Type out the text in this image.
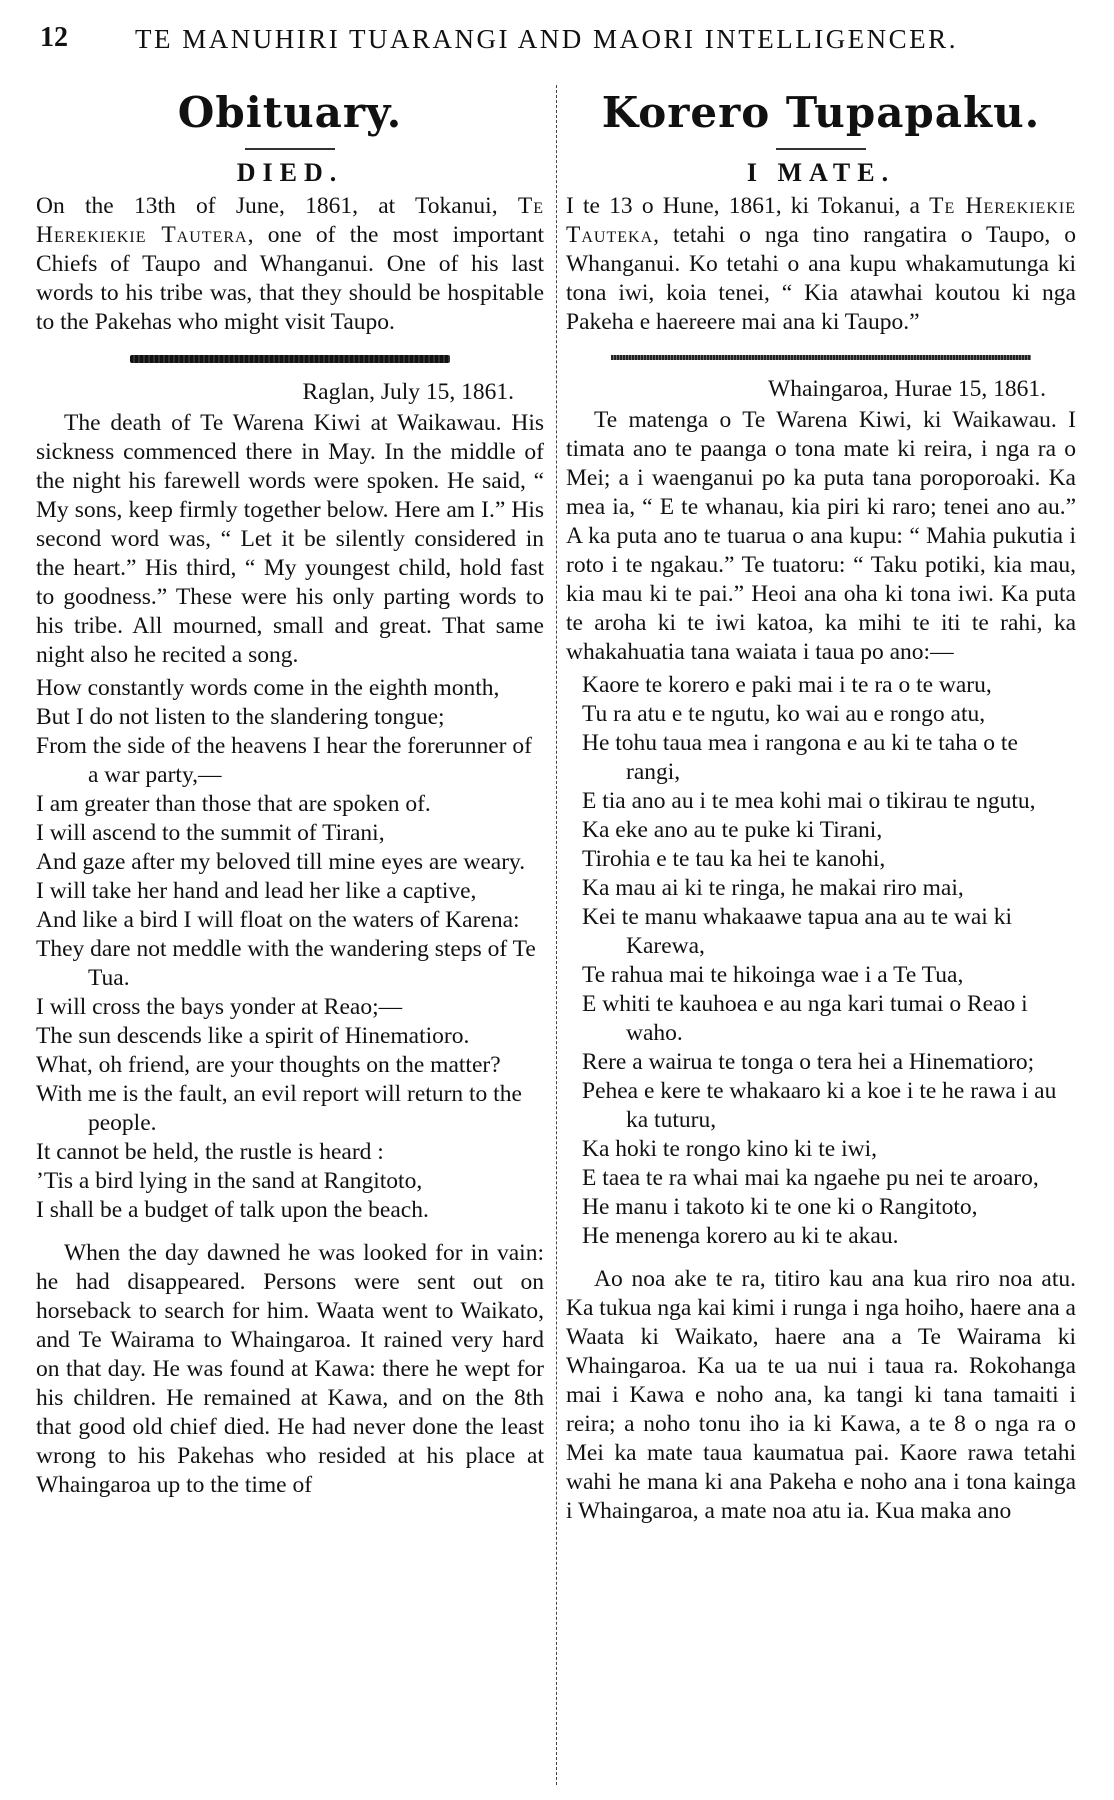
12 TE MANUHIRI TUARANGI AND MAORI INTELLIGENCER.
Obituary.
DIED.

On the 13th of June, 1861, at Tokanui, Te Herekiekie Tautera, one of the most important Chiefs of Taupo and Whanganui. One of his last words to his tribe was, that they should be hospitable to the Pakehas who might visit Taupo.

Raglan, July 15, 1861.

The death of Te Warena Kiwi at Waikawau. His sickness commenced there in May. In the middle of the night his farewell words were spoken. He said, “ My sons, keep firmly together below. Here am I.” His second word was, “ Let it be silently considered in the heart.” His third, “ My youngest child, hold fast to goodness.” These were his only parting words to his tribe. All mourned, small and great. That same night also he recited a song.

How constantly words come in the eighth month,

But I do not listen to the slandering tongue;

From the side of the heavens I hear the forerunner of a war party,—

I am greater than those that are spoken of.

I will ascend to the summit of Tirani,

And gaze after my beloved till mine eyes are weary.

I will take her hand and lead her like a captive,

And like a bird I will float on the waters of Karena:

They dare not meddle with the wandering steps of Te Tua.

I will cross the bays yonder at Reao;—

The sun descends like a spirit of Hinematioro.

What, oh friend, are your thoughts on the matter?

With me is the fault, an evil report will return to the people.

It cannot be held, the rustle is heard :

’Tis a bird lying in the sand at Rangitoto,

I shall be a budget of talk upon the beach.

When the day dawned he was looked for in vain: he had disappeared. Persons were sent out on horseback to search for him. Waata went to Waikato, and Te Wairama to Whaingaroa. It rained very hard on that day. He was found at Kawa: there he wept for his children. He remained at Kawa, and on the 8th that good old chief died. He had never done the least wrong to his Pakehas who resided at his place at Whaingaroa up to the time of

Korero Tupapaku.
I MATE.

I te 13 o Hune, 1861, ki Tokanui, a Te Herekiekie Tauteka, tetahi o nga tino rangatira o Taupo, o Whanganui. Ko tetahi o ana kupu whakamutunga ki tona iwi, koia tenei, “ Kia atawhai koutou ki nga Pakeha e haereere mai ana ki Taupo.”

Whaingaroa, Hurae 15, 1861.

Te matenga o Te Warena Kiwi, ki Waikawau. I timata ano te paanga o tona mate ki reira, i nga ra o Mei; a i waenganui po ka puta tana poroporoaki. Ka mea ia, “ E te whanau, kia piri ki raro; tenei ano au.” A ka puta ano te tuarua o ana kupu: “ Mahia pukutia i roto i te ngakau.” Te tuatoru: “ Taku potiki, kia mau, kia mau ki te pai.” Heoi ana oha ki tona iwi. Ka puta te aroha ki te iwi katoa, ka mihi te iti te rahi, ka whakahuatia tana waiata i taua po ano:—

Kaore te korero e paki mai i te ra o te waru,

Tu ra atu e te ngutu, ko wai au e rongo atu,

He tohu taua mea i rangona e au ki te taha o te rangi,

E tia ano au i te mea kohi mai o tikirau te ngutu,

Ka eke ano au te puke ki Tirani,

Tirohia e te tau ka hei te kanohi,

Ka mau ai ki te ringa, he makai riro mai,

Kei te manu whakaawe tapua ana au te wai ki Karewa,

Te rahua mai te hikoinga wae i a Te Tua,

E whiti te kauhoea e au nga kari tumai o Reao i waho.

Rere a wairua te tonga o tera hei a Hinematioro;

Pehea e kere te whakaaro ki a koe i te he rawa i au ka tuturu,

Ka hoki te rongo kino ki te iwi,

E taea te ra whai mai ka ngaehe pu nei te aroaro,

He manu i takoto ki te one ki o Rangitoto,

He menenga korero au ki te akau.

Ao noa ake te ra, titiro kau ana kua riro noa atu. Ka tukua nga kai kimi i runga i nga hoiho, haere ana a Waata ki Waikato, haere ana a Te Wairama ki Whaingaroa. Ka ua te ua nui i taua ra. Rokohanga mai i Kawa e noho ana, ka tangi ki tana tamaiti i reira; a noho tonu iho ia ki Kawa, a te 8 o nga ra o Mei ka mate taua kaumatua pai. Kaore rawa tetahi wahi he mana ki ana Pakeha e noho ana i tona kainga i Whaingaroa, a mate noa atu ia. Kua maka ano
